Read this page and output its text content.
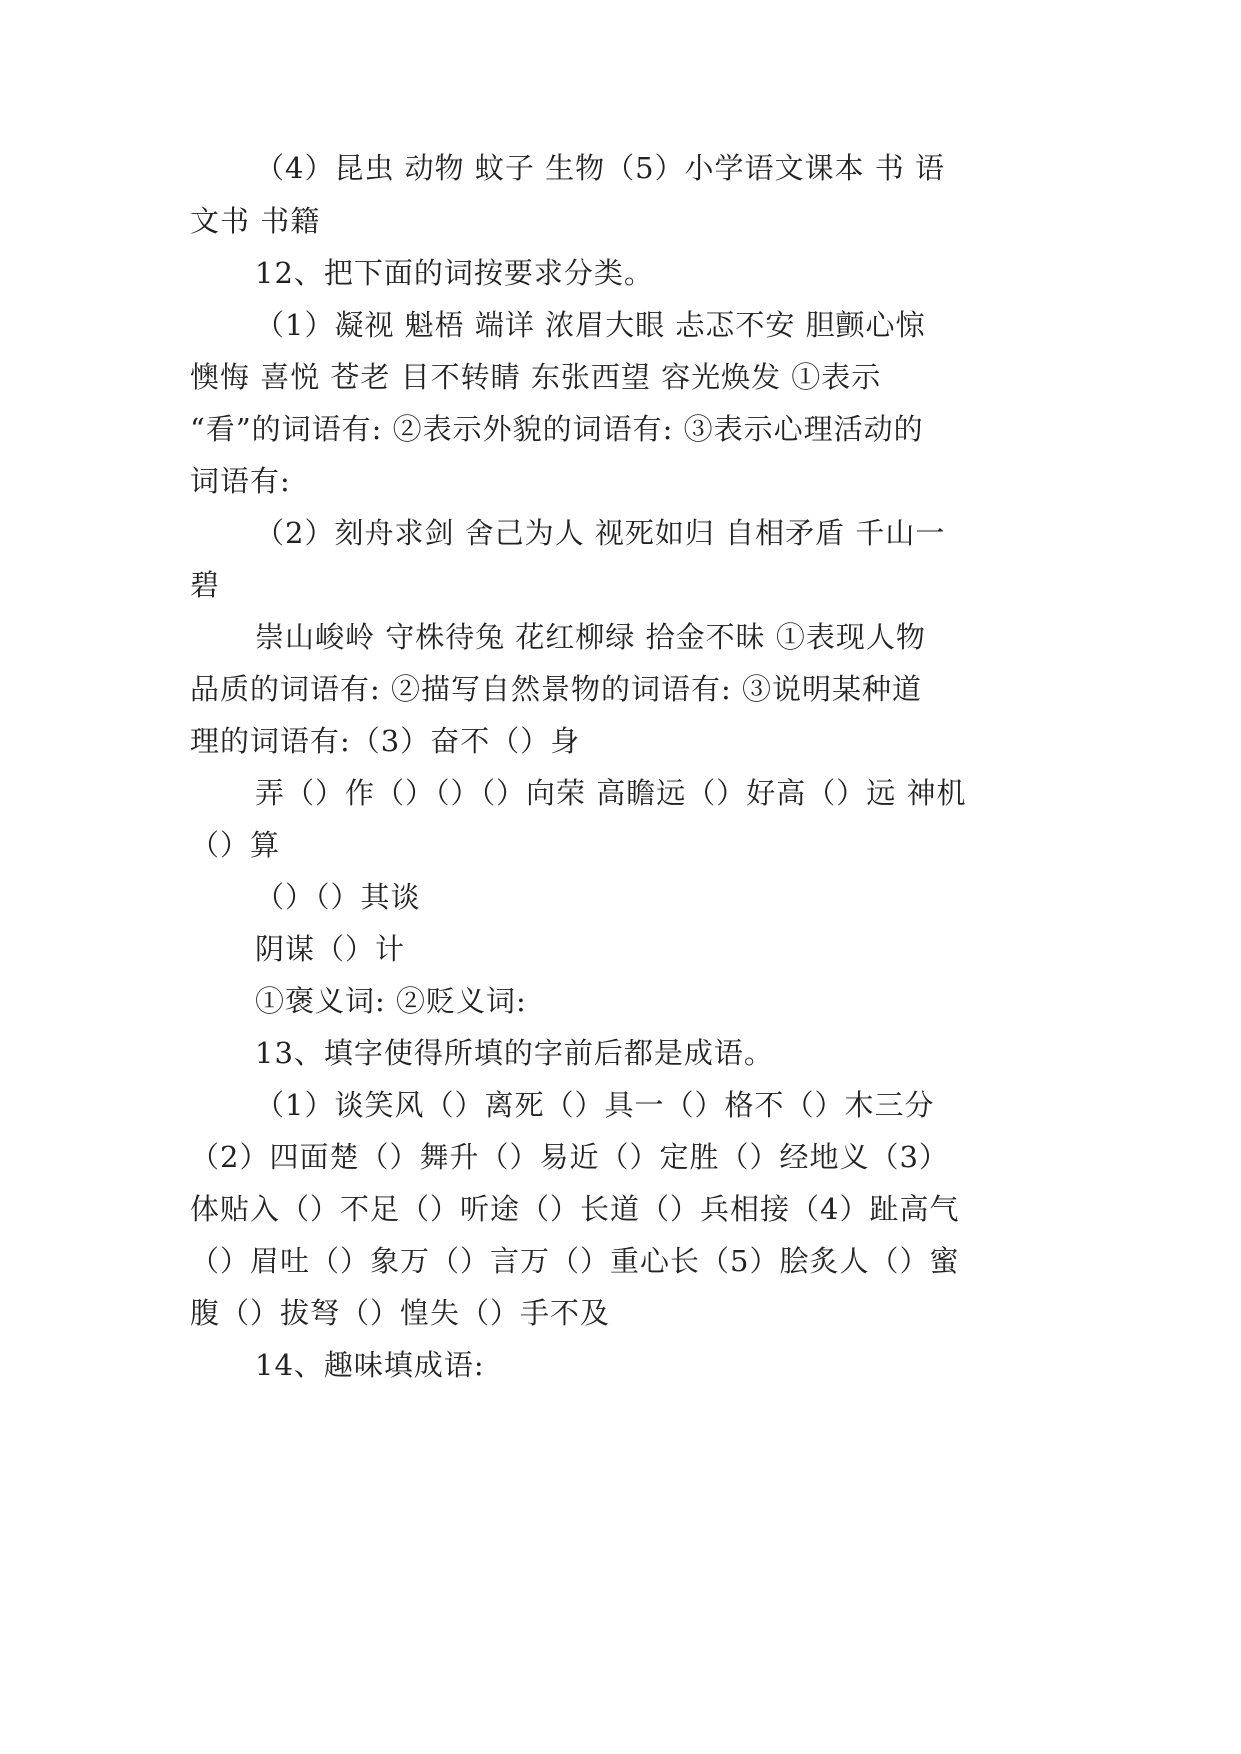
（4）昆虫 动物 蚊子 生物（5）小学语文课本 书 语
文书 书籍
12、把下面的词按要求分类。
（1）凝视 魁梧 端详 浓眉大眼 忐忑不安 胆颤心惊
懊悔 喜悦 苍老 目不转睛 东张西望 容光焕发 ①表示
“看”的词语有: ②表示外貌的词语有: ③表示心理活动的
词语有:
（2）刻舟求剑 舍己为人 视死如归 自相矛盾 千山一
碧
崇山峻岭 守株待兔 花红柳绿 拾金不昧 ①表现人物
品质的词语有: ②描写自然景物的词语有: ③说明某种道
理的词语有:（3）奋不（）身
弄（）作（）（）（）向荣 高瞻远（）好高（）远 神机
（）算
（）（）其谈
阴谋（）计
①褒义词: ②贬义词:
13、填字使得所填的字前后都是成语。
（1）谈笑风（）离死（）具一（）格不（）木三分
（2）四面楚（）舞升（）易近（）定胜（）经地义（3）
体贴入（）不足（）听途（）长道（）兵相接（4）趾高气
（）眉吐（）象万（）言万（）重心长（5）脍炙人（）蜜
腹（）拔弩（）惶失（）手不及
14、趣味填成语:
